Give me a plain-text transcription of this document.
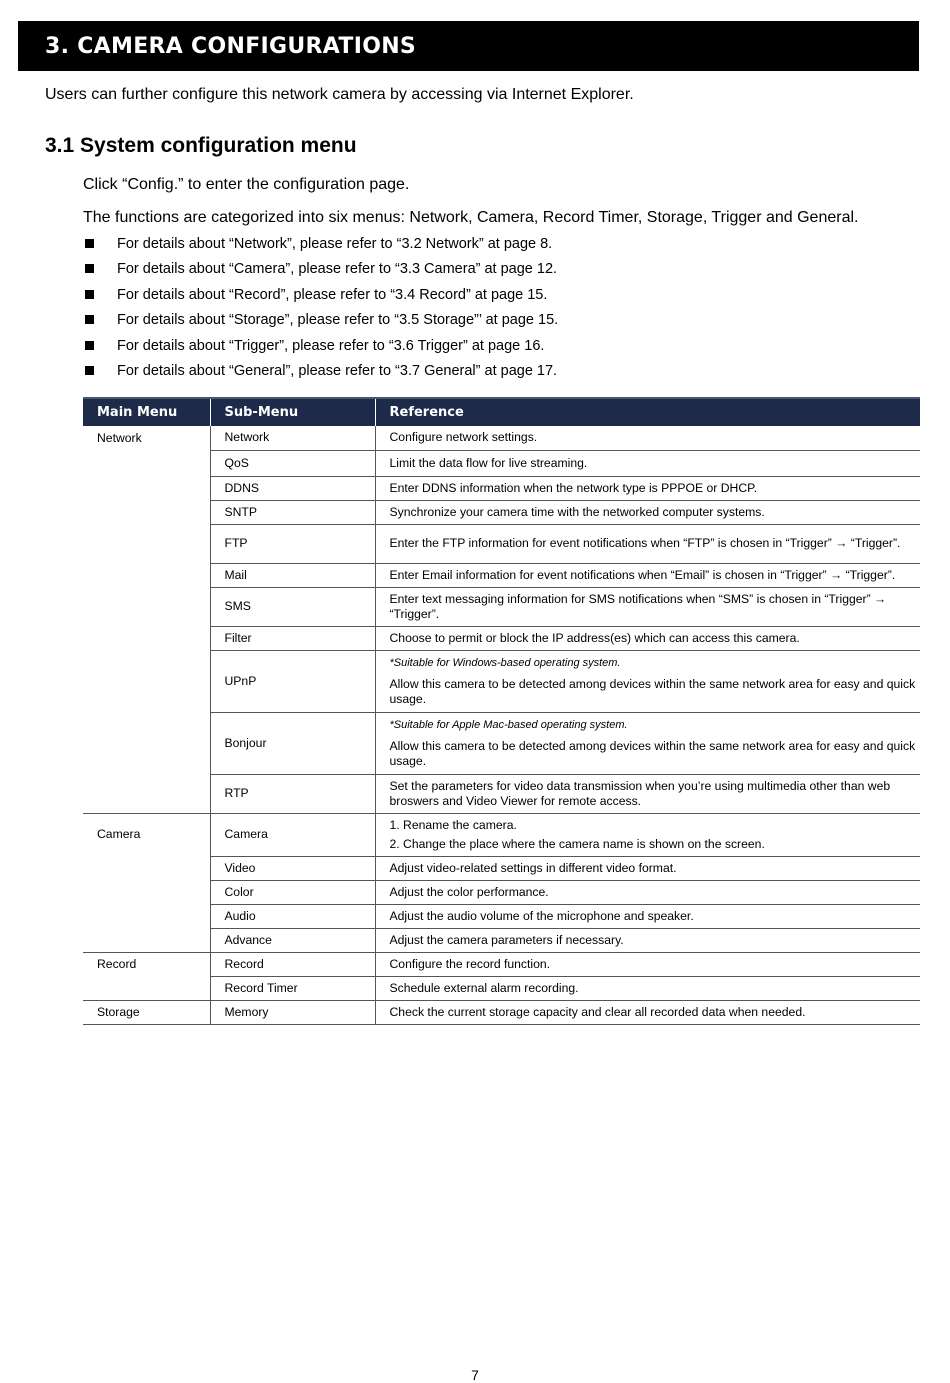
3. CAMERA CONFIGURATIONS
Users can further configure this network camera by accessing via Internet Explorer.
3.1 System configuration menu
Click “Config.” to enter the configuration page.
The functions are categorized into six menus: Network, Camera, Record Timer, Storage, Trigger and General.
For details about “Network”, please refer to “3.2 Network” at page 8.
For details about “Camera”, please refer to “3.3 Camera” at page 12.
For details about “Record”, please refer to “3.4 Record” at page 15.
For details about “Storage”, please refer to “3.5 Storage”’ at page 15.
For details about “Trigger”, please refer to “3.6 Trigger” at page 16.
For details about “General”, please refer to “3.7 General” at page 17.
Main Menu	Sub-Menu	Reference
Network	Network	Configure network settings.
	QoS	Limit the data flow for live streaming.
	DDNS	Enter DDNS information when the network type is PPPOE or DHCP.
	SNTP	Synchronize your camera time with the networked computer systems.
	FTP	Enter the FTP information for event notifications when “FTP” is chosen in “Trigger” → “Trigger”.
	Mail	Enter Email information for event notifications when “Email” is chosen in “Trigger” → “Trigger”.
	SMS	Enter text messaging information for SMS notifications when “SMS” is chosen in “Trigger” → “Trigger”.
	Filter	Choose to permit or block the IP address(es) which can access this camera.
	UPnP	*Suitable for Windows-based operating system.
Allow this camera to be detected among devices within the same network area for easy and quick usage.
	Bonjour	*Suitable for Apple Mac-based operating system.
Allow this camera to be detected among devices within the same network area for easy and quick usage.
	RTP	Set the parameters for video data transmission when you’re using multimedia other than web broswers and Video Viewer for remote access.
Camera	Camera	1. Rename the camera.
2. Change the place where the camera name is shown on the screen.

	Video	Adjust video-related settings in different video format.
	Color	Adjust the color performance.
	Audio	Adjust the audio volume of the microphone and speaker.
	Advance	Adjust the camera parameters if necessary.
Record	Record	Configure the record function.
	Record Timer	Schedule external alarm recording.
Storage	Memory	Check the current storage capacity and clear all recorded data when needed.
7
